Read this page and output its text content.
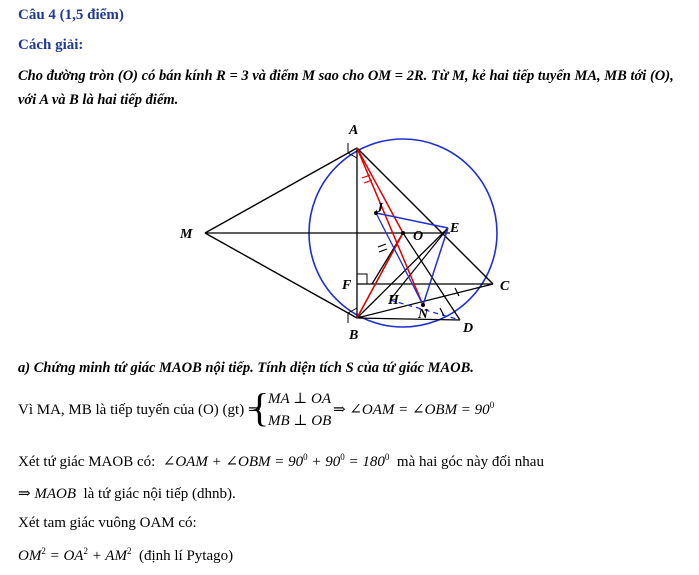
Câu 4 (1,5 điểm)
Cách giải:
Cho đường tròn (O) có bán kính R = 3 và điểm M sao cho OM = 2R. Từ M, kẻ hai tiếp tuyến MA, MB tới (O),
với A và B là hai tiếp điểm.
A
B
M	O
E
C
D
F
H
N
J
a) Chứng minh tứ giác MAOB nội tiếp. Tính diện tích S của tứ giác MAOB.
Vì MA, MB là tiếp tuyến của (O) (gt) ⇒
{
MA ⊥ OA
MB ⊥ OB
⇒ ∠OAM = ∠OBM = $90^0$
Xét tứ giác MAOB có: ∠OAM + ∠OBM = $90^0 + 90^0 = 180^0$ mà hai góc này đối nhau
⇒ MAOB là tứ giác nội tiếp (dhnb).
Xét tam giác vuông OAM có:
$OM^2 = OA^2 + AM^2$ (định lí Pytago)
